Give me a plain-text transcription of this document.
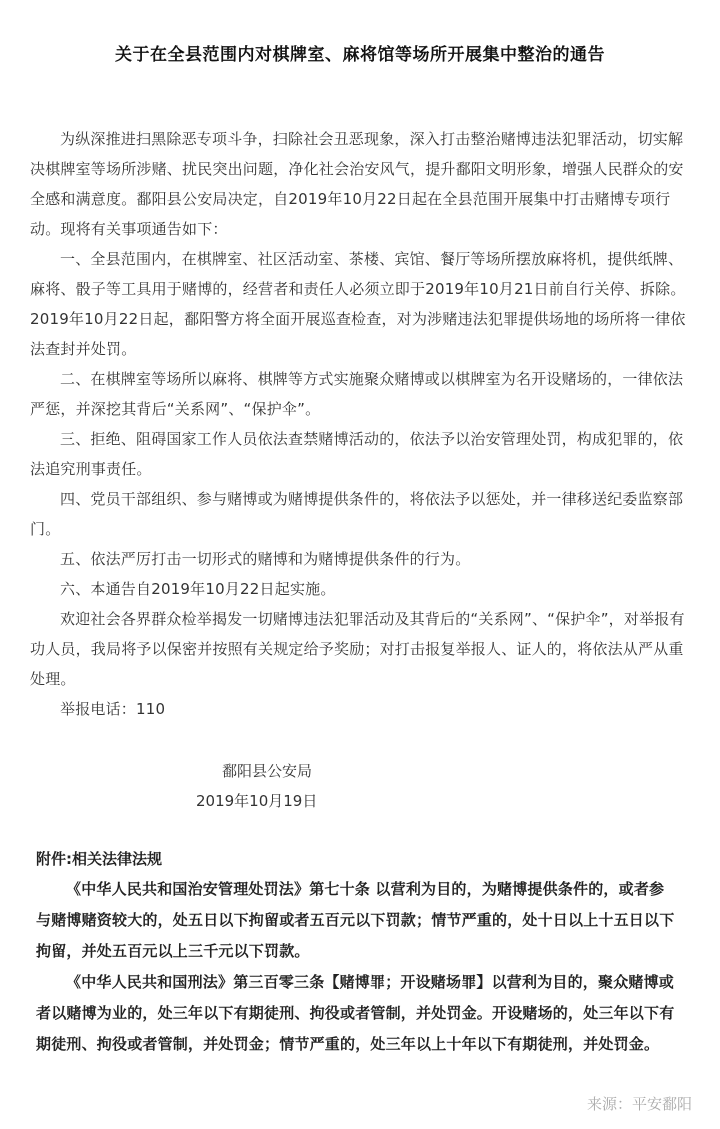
关于在全县范围内对棋牌室、麻将馆等场所开展集中整治的通告

为纵深推进扫黑除恶专项斗争，扫除社会丑恶现象，深入打击整治赌博违法犯罪活动，切实解决棋牌室等场所涉赌、扰民突出问题，净化社会治安风气，提升鄱阳文明形象，增强人民群众的安全感和满意度。鄱阳县公安局决定，自2019年10月22日起在全县范围开展集中打击赌博专项行动。现将有关事项通告如下：

一、全县范围内，在棋牌室、社区活动室、茶楼、宾馆、餐厅等场所摆放麻将机，提供纸牌、麻将、骰子等工具用于赌博的，经营者和责任人必须立即于2019年10月21日前自行关停、拆除。2019年10月22日起，鄱阳警方将全面开展巡查检查，对为涉赌违法犯罪提供场地的场所将一律依法查封并处罚。

二、在棋牌室等场所以麻将、棋牌等方式实施聚众赌博或以棋牌室为名开设赌场的，一律依法严惩，并深挖其背后“关系网”、“保护伞”。

三、拒绝、阻碍国家工作人员依法查禁赌博活动的，依法予以治安管理处罚，构成犯罪的，依法追究刑事责任。

四、党员干部组织、参与赌博或为赌博提供条件的，将依法予以惩处，并一律移送纪委监察部门。

五、依法严厉打击一切形式的赌博和为赌博提供条件的行为。

六、本通告自2019年10月22日起实施。

欢迎社会各界群众检举揭发一切赌博违法犯罪活动及其背后的“关系网”、“保护伞”，对举报有功人员，我局将予以保密并按照有关规定给予奖励；对打击报复举报人、证人的，将依法从严从重处理。

举报电话：110

鄱阳县公安局
2019年10月19日
附件:相关法律法规

《中华人民共和国治安管理处罚法》第七十条 以营利为目的，为赌博提供条件的，或者参与赌博赌资较大的，处五日以下拘留或者五百元以下罚款；情节严重的，处十日以上十五日以下拘留，并处五百元以上三千元以下罚款。

《中华人民共和国刑法》第三百零三条【赌博罪；开设赌场罪】以营利为目的，聚众赌博或者以赌博为业的，处三年以下有期徒刑、拘役或者管制，并处罚金。开设赌场的，处三年以下有期徒刑、拘役或者管制，并处罚金；情节严重的，处三年以上十年以下有期徒刑，并处罚金。

来源：平安鄱阳
